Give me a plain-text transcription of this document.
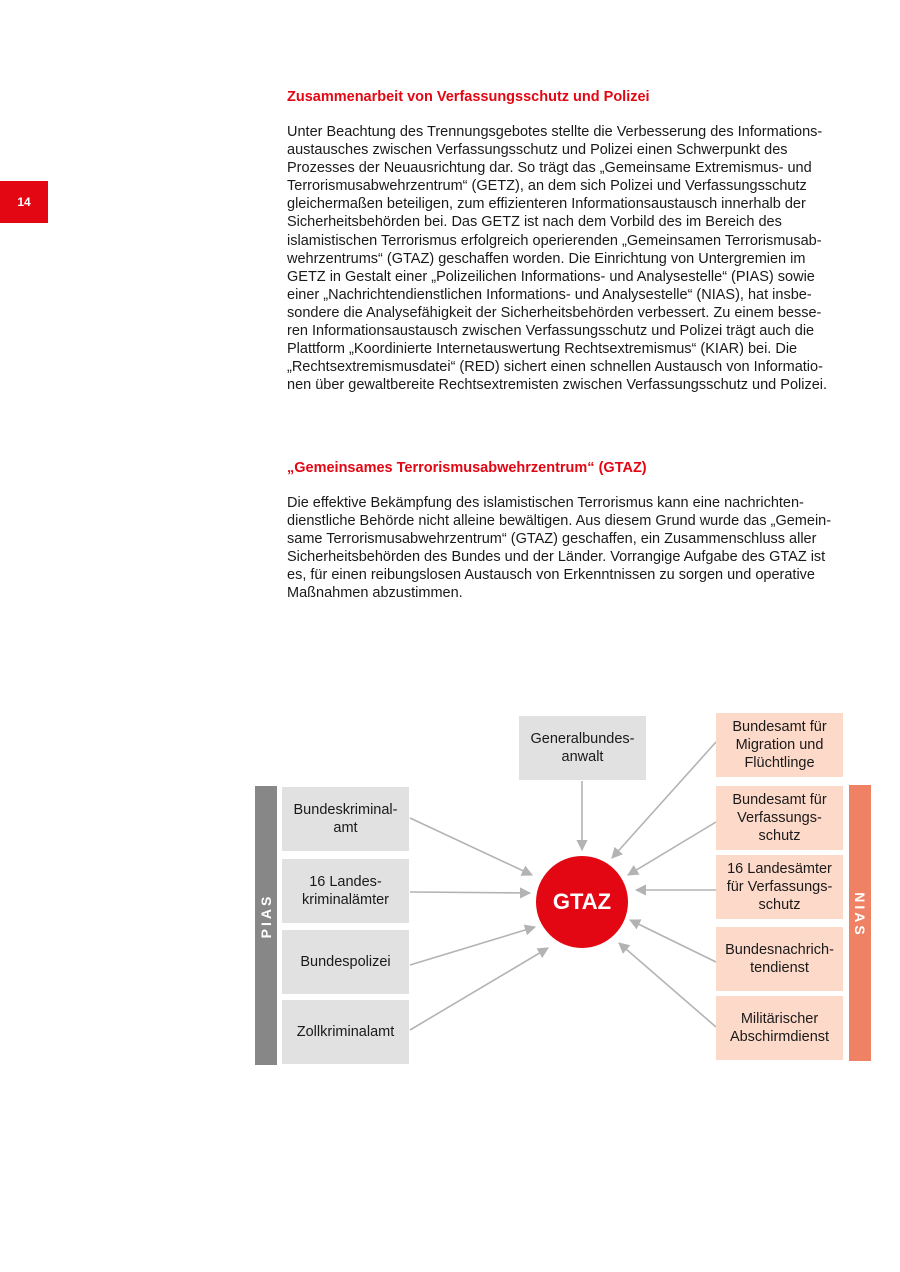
14
Zusammenarbeit von Verfassungsschutz und Polizei

Unter Beachtung des Trennungsgebotes stellte die Verbesserung des Informations-
austausches zwischen Verfassungsschutz und Polizei einen Schwerpunkt des
Prozesses der Neuausrichtung dar. So trägt das „Gemeinsame Extremismus- und
Terrorismusabwehrzentrum“ (GETZ), an dem sich Polizei und Verfassungsschutz
gleichermaßen beteiligen, zum effizienteren Informationsaustausch innerhalb der
Sicherheitsbehörden bei. Das GETZ ist nach dem Vorbild des im Bereich des
islamistischen Terrorismus erfolgreich operierenden „Gemeinsamen Terrorismusab-
wehrzentrums“ (GTAZ) geschaffen worden. Die Einrichtung von Untergremien im
GETZ in Gestalt einer „Polizeilichen Informations- und Analysestelle“ (PIAS) sowie
einer „Nachrichtendienstlichen Informations- und Analysestelle“ (NIAS), hat insbe-
sondere die Analysefähigkeit der Sicherheitsbehörden verbessert. Zu einem besse-
ren Informationsaustausch zwischen Verfassungsschutz und Polizei trägt auch die
Plattform „Koordinierte Internetauswertung Rechtsextremismus“ (KIAR) bei. Die
„Rechtsextremismusdatei“ (RED) sichert einen schnellen Austausch von Informatio-
nen über gewaltbereite Rechtsextremisten zwischen Verfassungsschutz und Polizei.

„Gemeinsames Terrorismusabwehrzentrum“ (GTAZ)

Die effektive Bekämpfung des islamistischen Terrorismus kann eine nachrichten-
dienstliche Behörde nicht alleine bewältigen. Aus diesem Grund wurde das „Gemein-
same Terrorismusabwehrzentrum“ (GTAZ) geschaffen, ein Zusammenschluss aller
Sicherheitsbehörden des Bundes und der Länder. Vorrangige Aufgabe des GTAZ ist
es, für einen reibungslosen Austausch von Erkenntnissen zu sorgen und operative
Maßnahmen abzustimmen.

PIAS	NIAS
Generalbundes-
anwalt
Bundeskriminal-
amt
16 Landes-
kriminalämter
Bundespolizei
Zollkriminalamt
Bundesamt für
Migration und
Flüchtlinge
Bundesamt für
Verfassungs-
schutz
16 Landesämter
für Verfassungs-
schutz
Bundesnachrich-
tendienst
Militärischer
Abschirmdienst
GTAZ
